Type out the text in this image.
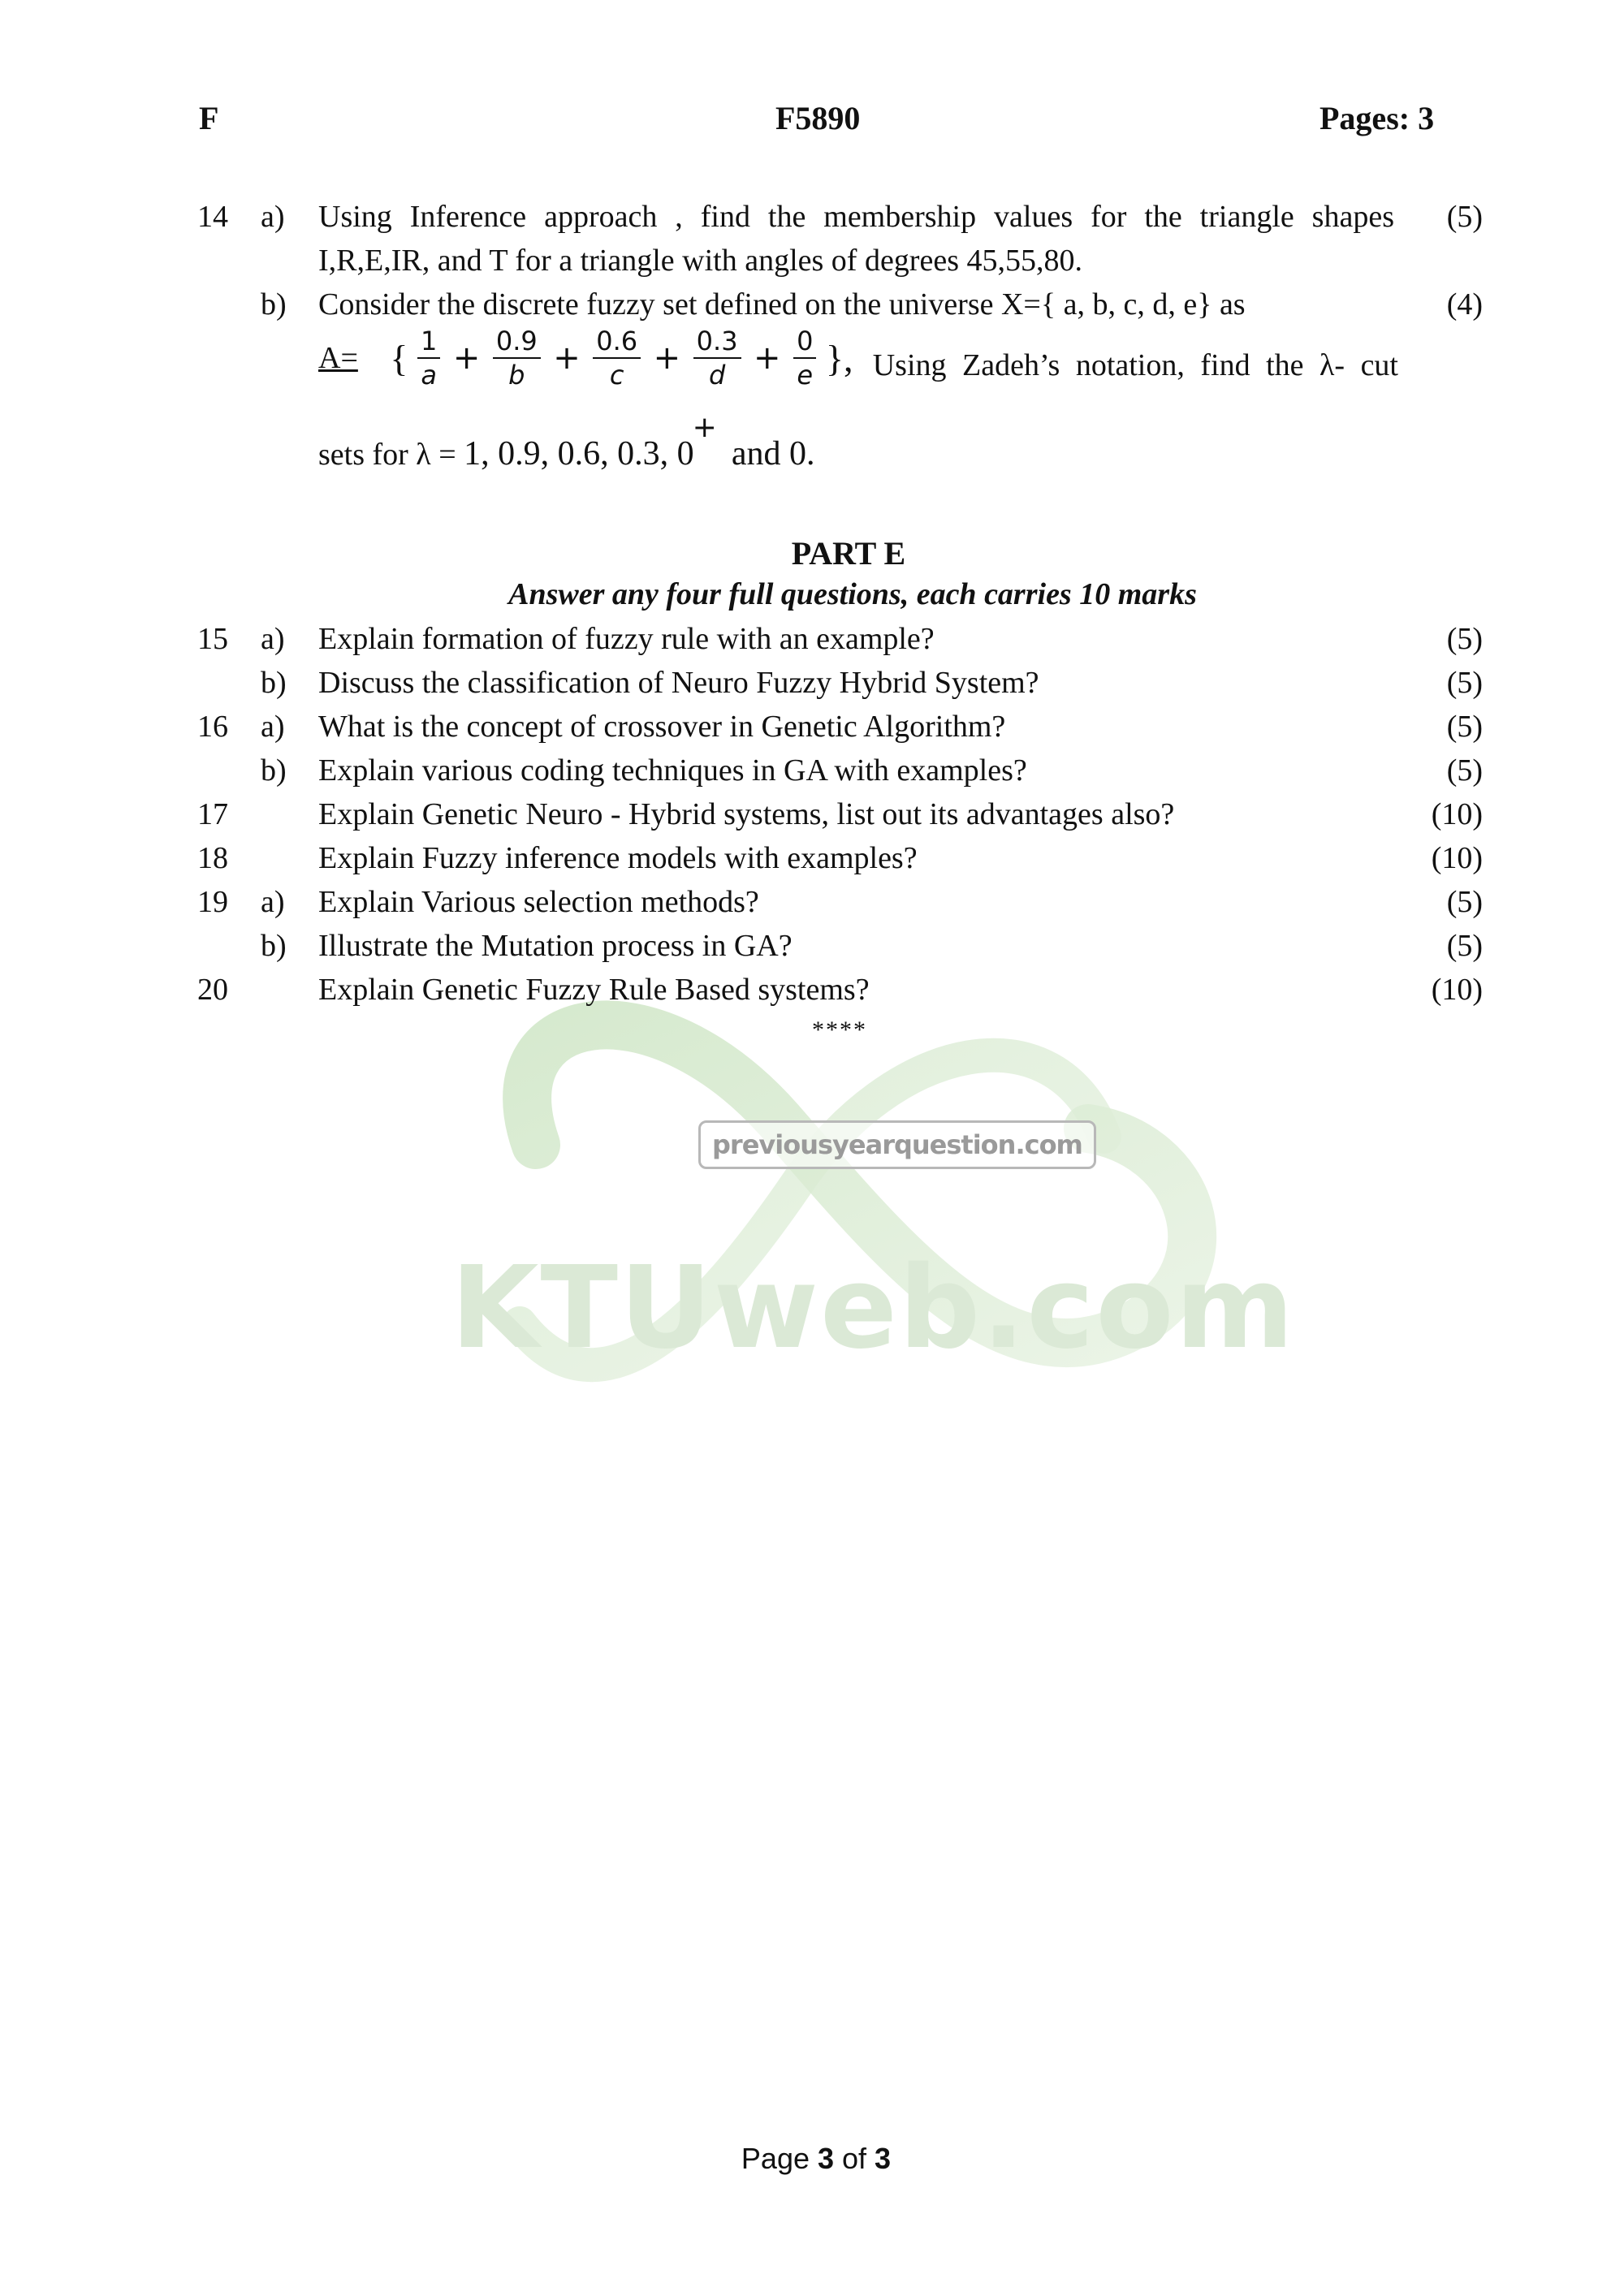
F	F5890	Pages: 3
previousyearquestion.com
KTUweb.com
14 a) Using Inference approach , find the membership values for the triangle shapes (5)
I,R,E,IR, and T for a triangle with angles of degrees 45,55,80.
b) Consider the discrete fuzzy set defined on the universe X={ a, b, c, d, e} as	(4)
A= { $\frac{1}{a} + \frac{0.9}{b} + \frac{0.6}{c} + \frac{0.3}{d} + \frac{0}{e}$ }, Using Zadeh’s notation, find the λ- cut
sets for λ = 1, 0.9, 0.6, 0.3, 0+and 0.
PART E
Answer any four full questions, each carries 10 marks
15 a) Explain formation of fuzzy rule with an example?	(5)
b) Discuss the classification of Neuro Fuzzy Hybrid System?	(5)
16 a) What is the concept of crossover in Genetic Algorithm?	(5)
b) Explain various coding techniques in GA with examples?	(5)
17	Explain Genetic Neuro - Hybrid systems, list out its advantages also?	(10)
18	Explain Fuzzy inference models with examples?	(10)
19 a) Explain Various selection methods?	(5)
b) Illustrate the Mutation process in GA?	(5)
20	Explain Genetic Fuzzy Rule Based systems?	(10)
****
Page 3 of 3
